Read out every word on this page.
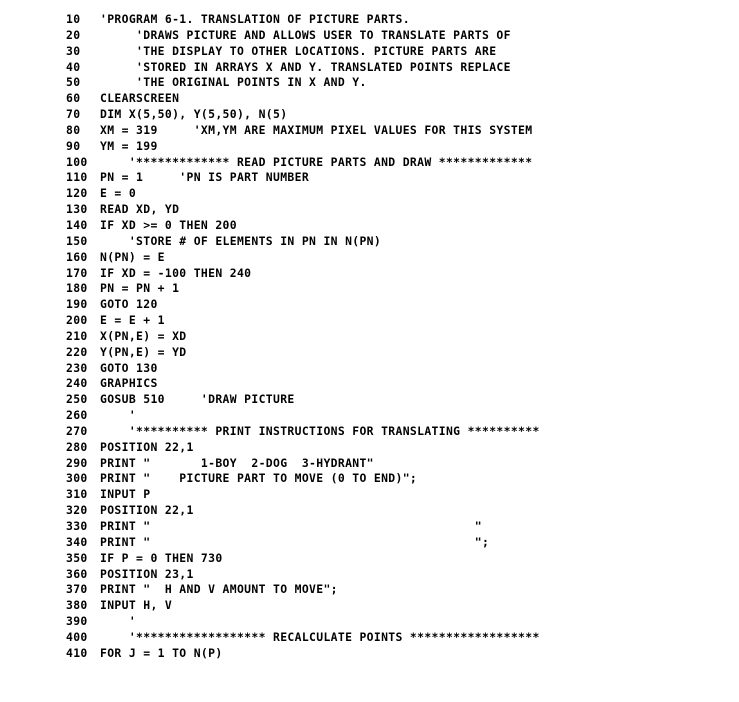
10 'PROGRAM 6-1. TRANSLATION OF PICTURE PARTS.
20     'DRAWS PICTURE AND ALLOWS USER TO TRANSLATE PARTS OF
30     'THE DISPLAY TO OTHER LOCATIONS. PICTURE PARTS ARE
40     'STORED IN ARRAYS X AND Y. TRANSLATED POINTS REPLACE
50     'THE ORIGINAL POINTS IN X AND Y.
60 CLEARSCREEN
70 DIM X(5,50), Y(5,50), N(5)
80 XM = 319     'XM,YM ARE MAXIMUM PIXEL VALUES FOR THIS SYSTEM
90 YM = 199
100    '************* READ PICTURE PARTS AND DRAW *************
110 PN = 1     'PN IS PART NUMBER
120 E = 0
130 READ XD, YD
140 IF XD >= 0 THEN 200
150    'STORE # OF ELEMENTS IN PN IN N(PN)
160 N(PN) = E
170 IF XD = -100 THEN 240
180 PN = PN + 1
190 GOTO 120
200 E = E + 1
210 X(PN,E) = XD
220 Y(PN,E) = YD
230 GOTO 130
240 GRAPHICS
250 GOSUB 510     'DRAW PICTURE
260    '
270    '********** PRINT INSTRUCTIONS FOR TRANSLATING **********
280 POSITION 22,1
290 PRINT "       1-BOY  2-DOG  3-HYDRANT"
300 PRINT "    PICTURE PART TO MOVE (0 TO END)";
310 INPUT P
320 POSITION 22,1
330 PRINT "                                             "
340 PRINT "                                             ";
350 IF P = 0 THEN 730
360 POSITION 23,1
370 PRINT "  H AND V AMOUNT TO MOVE";
380 INPUT H, V
390    '
400    '****************** RECALCULATE POINTS ******************
410 FOR J = 1 TO N(P)
